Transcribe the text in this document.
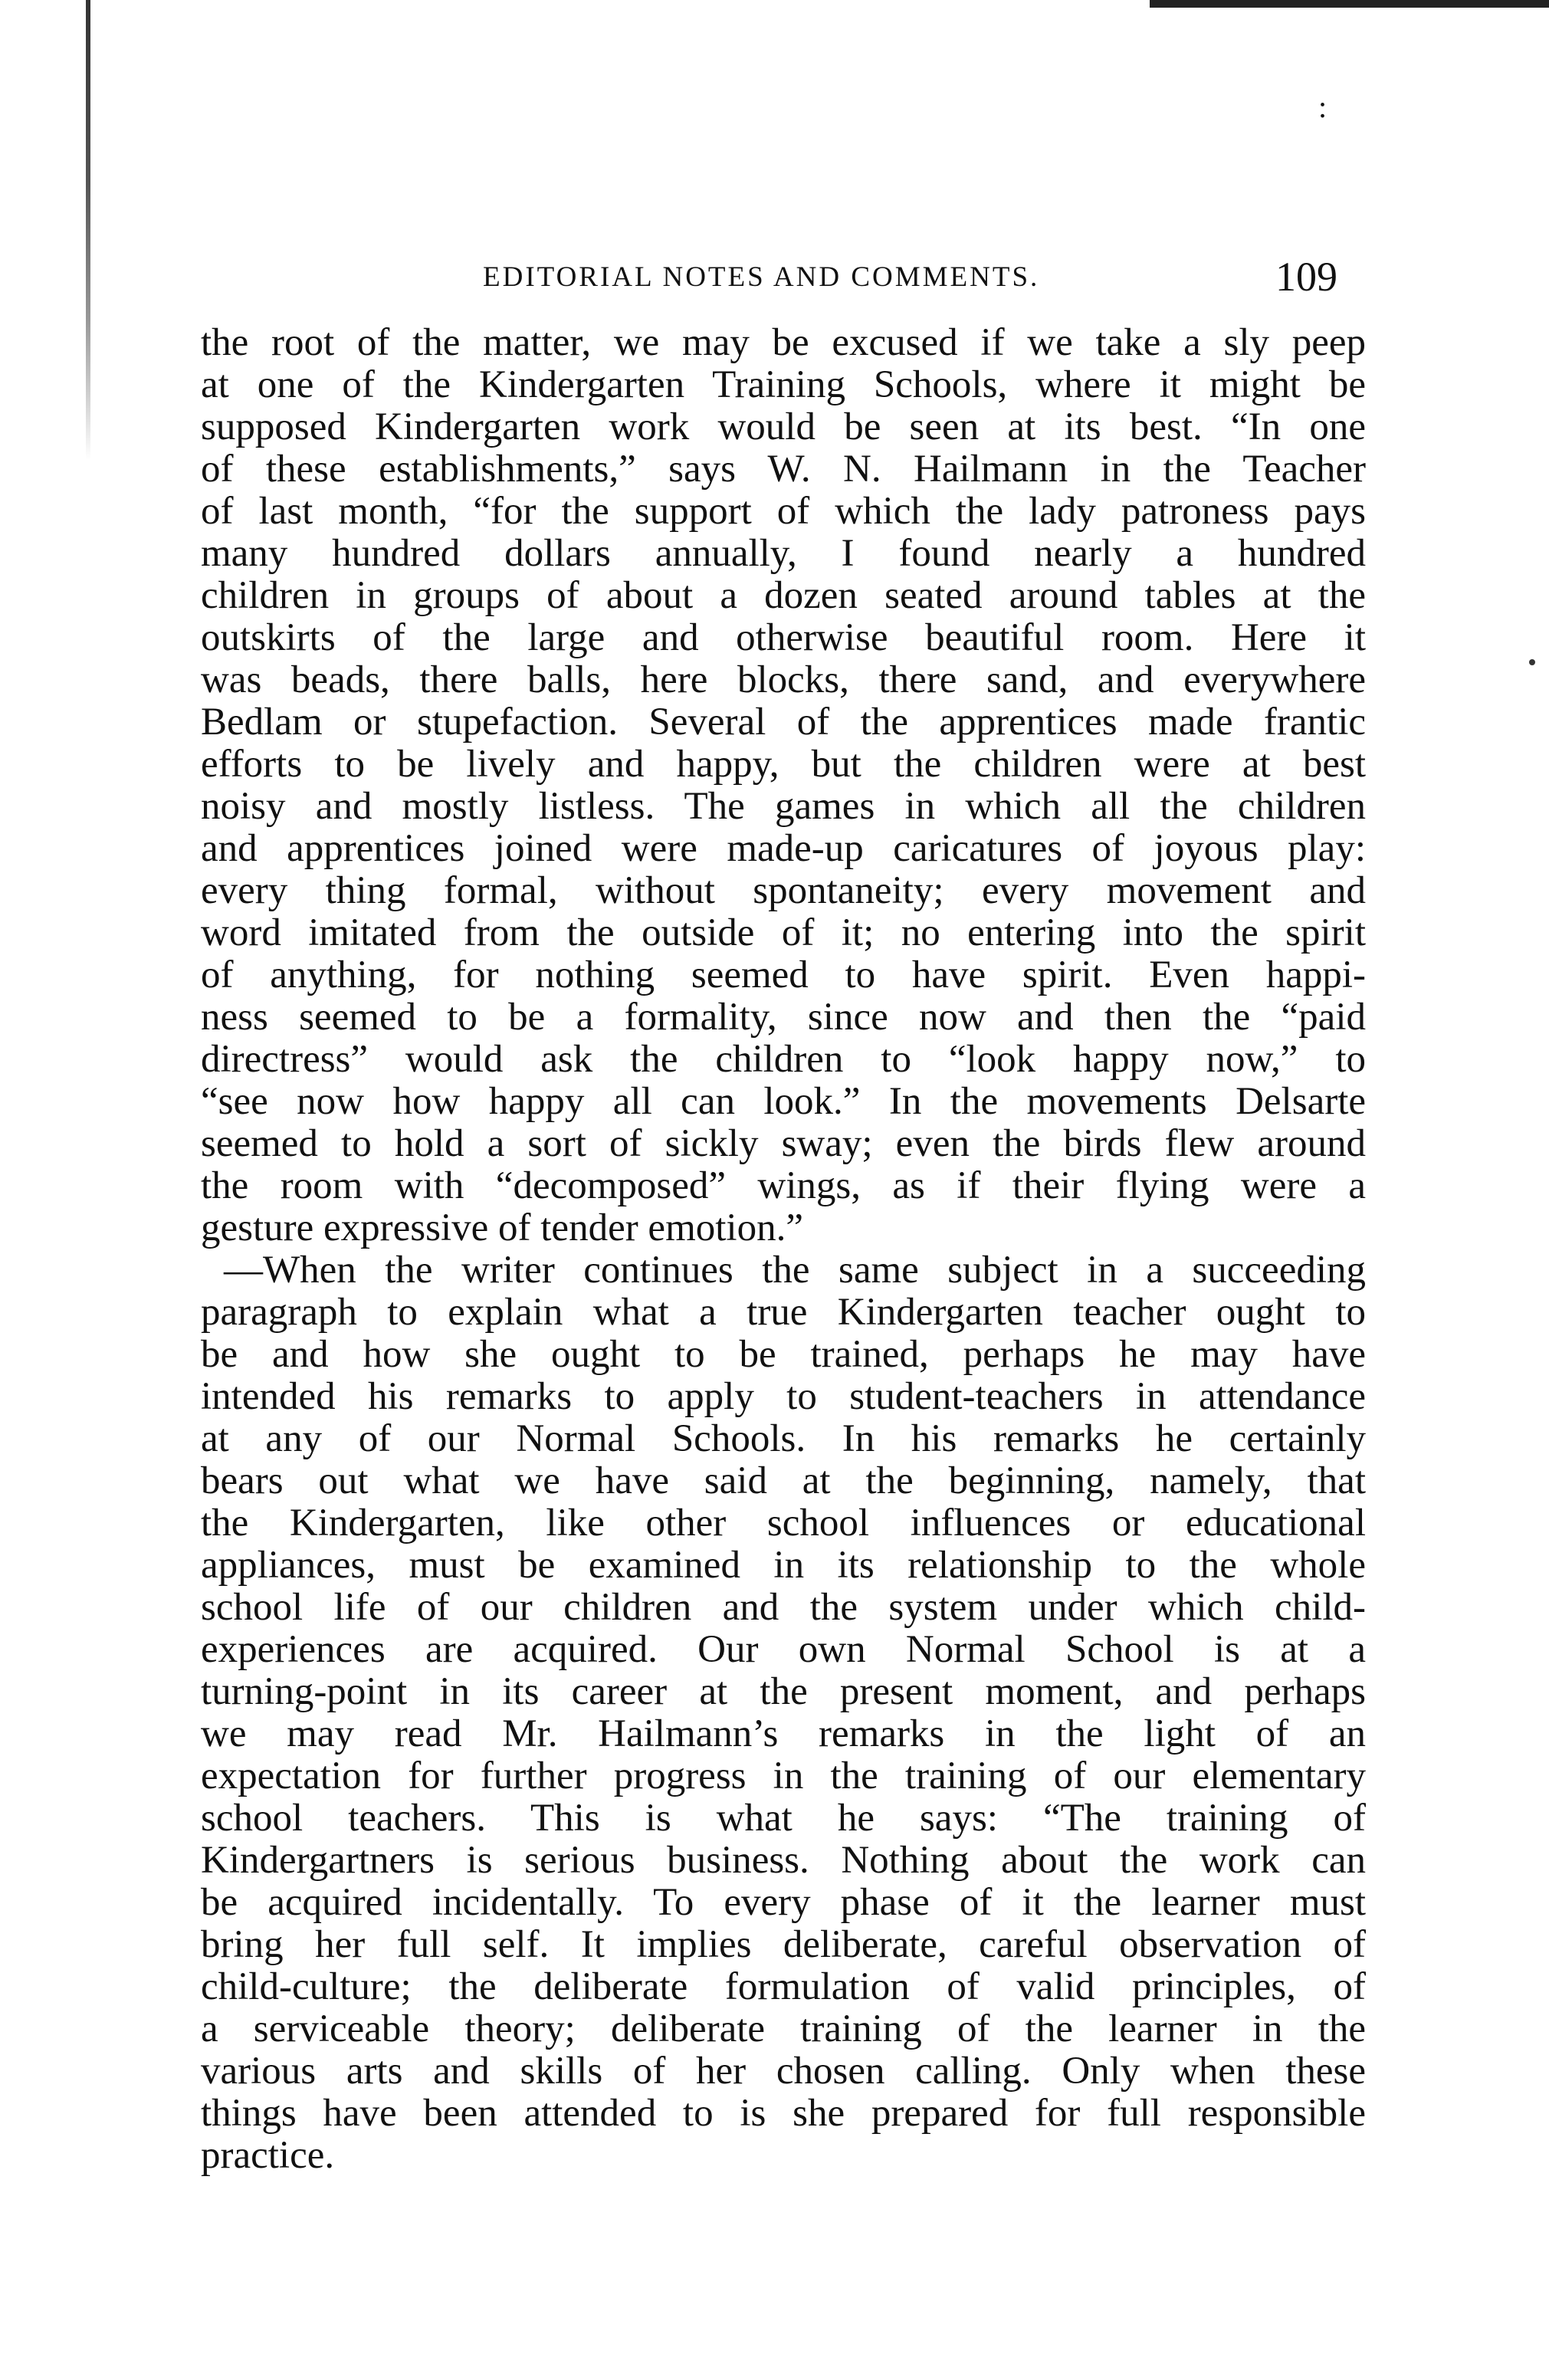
:
EDITORIAL NOTES AND COMMENTS.	109
the root of the matter, we may be excused if we take a sly peep
at one of the Kindergarten Training Schools, where it might be
supposed Kindergarten work would be seen at its best. “In one
of these establishments,” says W. N. Hailmann in the Teacher
of last month, “for the support of which the lady patroness pays
many hundred dollars annually, I found nearly a hundred
children in groups of about a dozen seated around tables at the
outskirts of the large and otherwise beautiful room. Here it
was beads, there balls, here blocks, there sand, and everywhere
Bedlam or stupefaction. Several of the apprentices made frantic
efforts to be lively and happy, but the children were at best
noisy and mostly listless. The games in which all the children
and apprentices joined were made-up caricatures of joyous play:
every thing formal, without spontaneity; every movement and
word imitated from the outside of it; no entering into the spirit
of anything, for nothing seemed to have spirit. Even happi-
ness seemed to be a formality, since now and then the “paid
directress” would ask the children to “look happy now,” to
“see now how happy all can look.” In the movements Delsarte
seemed to hold a sort of sickly sway; even the birds flew around
the room with “decomposed” wings, as if their flying were a
gesture expressive of tender emotion.”
—When the writer continues the same subject in a succeeding
paragraph to explain what a true Kindergarten teacher ought to
be and how she ought to be trained, perhaps he may have
intended his remarks to apply to student-teachers in attendance
at any of our Normal Schools. In his remarks he certainly
bears out what we have said at the beginning, namely, that
the Kindergarten, like other school influences or educational
appliances, must be examined in its relationship to the whole
school life of our children and the system under which child-
experiences are acquired. Our own Normal School is at a
turning-point in its career at the present moment, and perhaps
we may read Mr. Hailmann’s remarks in the light of an
expectation for further progress in the training of our elementary
school teachers. This is what he says: “The training of
Kindergartners is serious business. Nothing about the work can
be acquired incidentally. To every phase of it the learner must
bring her full self. It implies deliberate, careful observation of
child-culture; the deliberate formulation of valid principles, of
a serviceable theory; deliberate training of the learner in the
various arts and skills of her chosen calling. Only when these
things have been attended to is she prepared for full responsible
practice.
